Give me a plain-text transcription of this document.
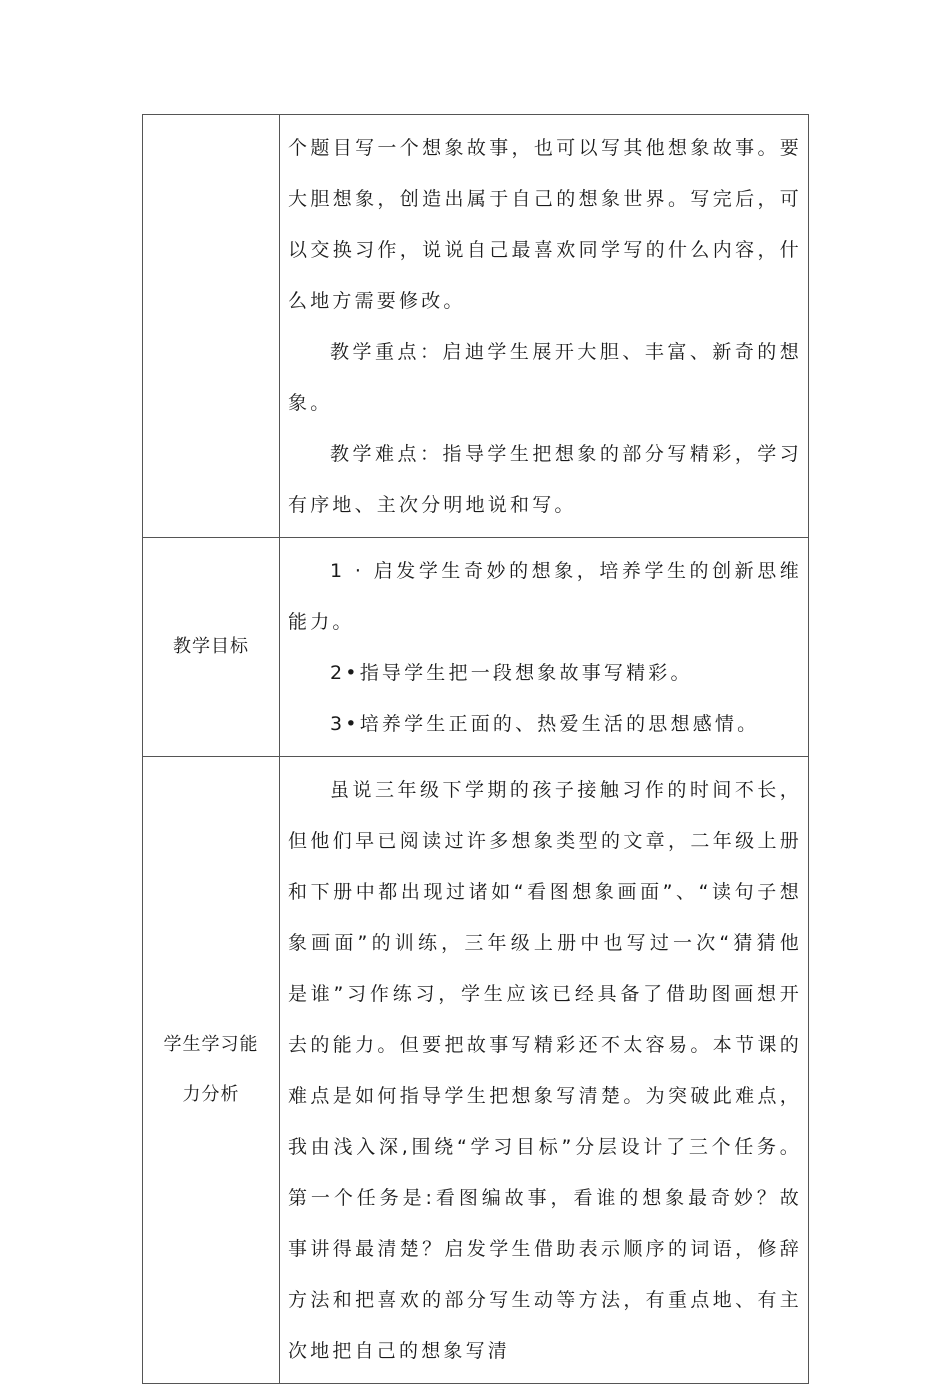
	个题目写一个想象故事，也可以写其他想象故事。要大胆想象，创造出属于自己的想象世界。写完后，可以交换习作，说说自己最喜欢同学写的什么内容，什么地方需要修改。

教学重点：启迪学生展开大胆、丰富、新奇的想象。

教学难点：指导学生把想象的部分写精彩，学习有序地、主次分明地说和写。

教学目标	1 · 启发学生奇妙的想象，培养学生的创新思维能力。

2•指导学生把一段想象故事写精彩。

3•培养学生正面的、热爱生活的思想感情。

学生学习能力分析	虽说三年级下学期的孩子接触习作的时间不长，但他们早已阅读过许多想象类型的文章，二年级上册和下册中都出现过诸如“看图想象画面”、“读句子想象画面”的训练，三年级上册中也写过一次“猜猜他是谁”习作练习，学生应该已经具备了借助图画想开去的能力。但要把故事写精彩还不太容易。本节课的难点是如何指导学生把想象写清楚。为突破此难点，我由浅入深,围绕“学习目标”分层设计了三个任务。第一个任务是:看图编故事，看谁的想象最奇妙？故事讲得最清楚？启发学生借助表示顺序的词语，修辞方法和把喜欢的部分写生动等方法，有重点地、有主次地把自己的想象写清
